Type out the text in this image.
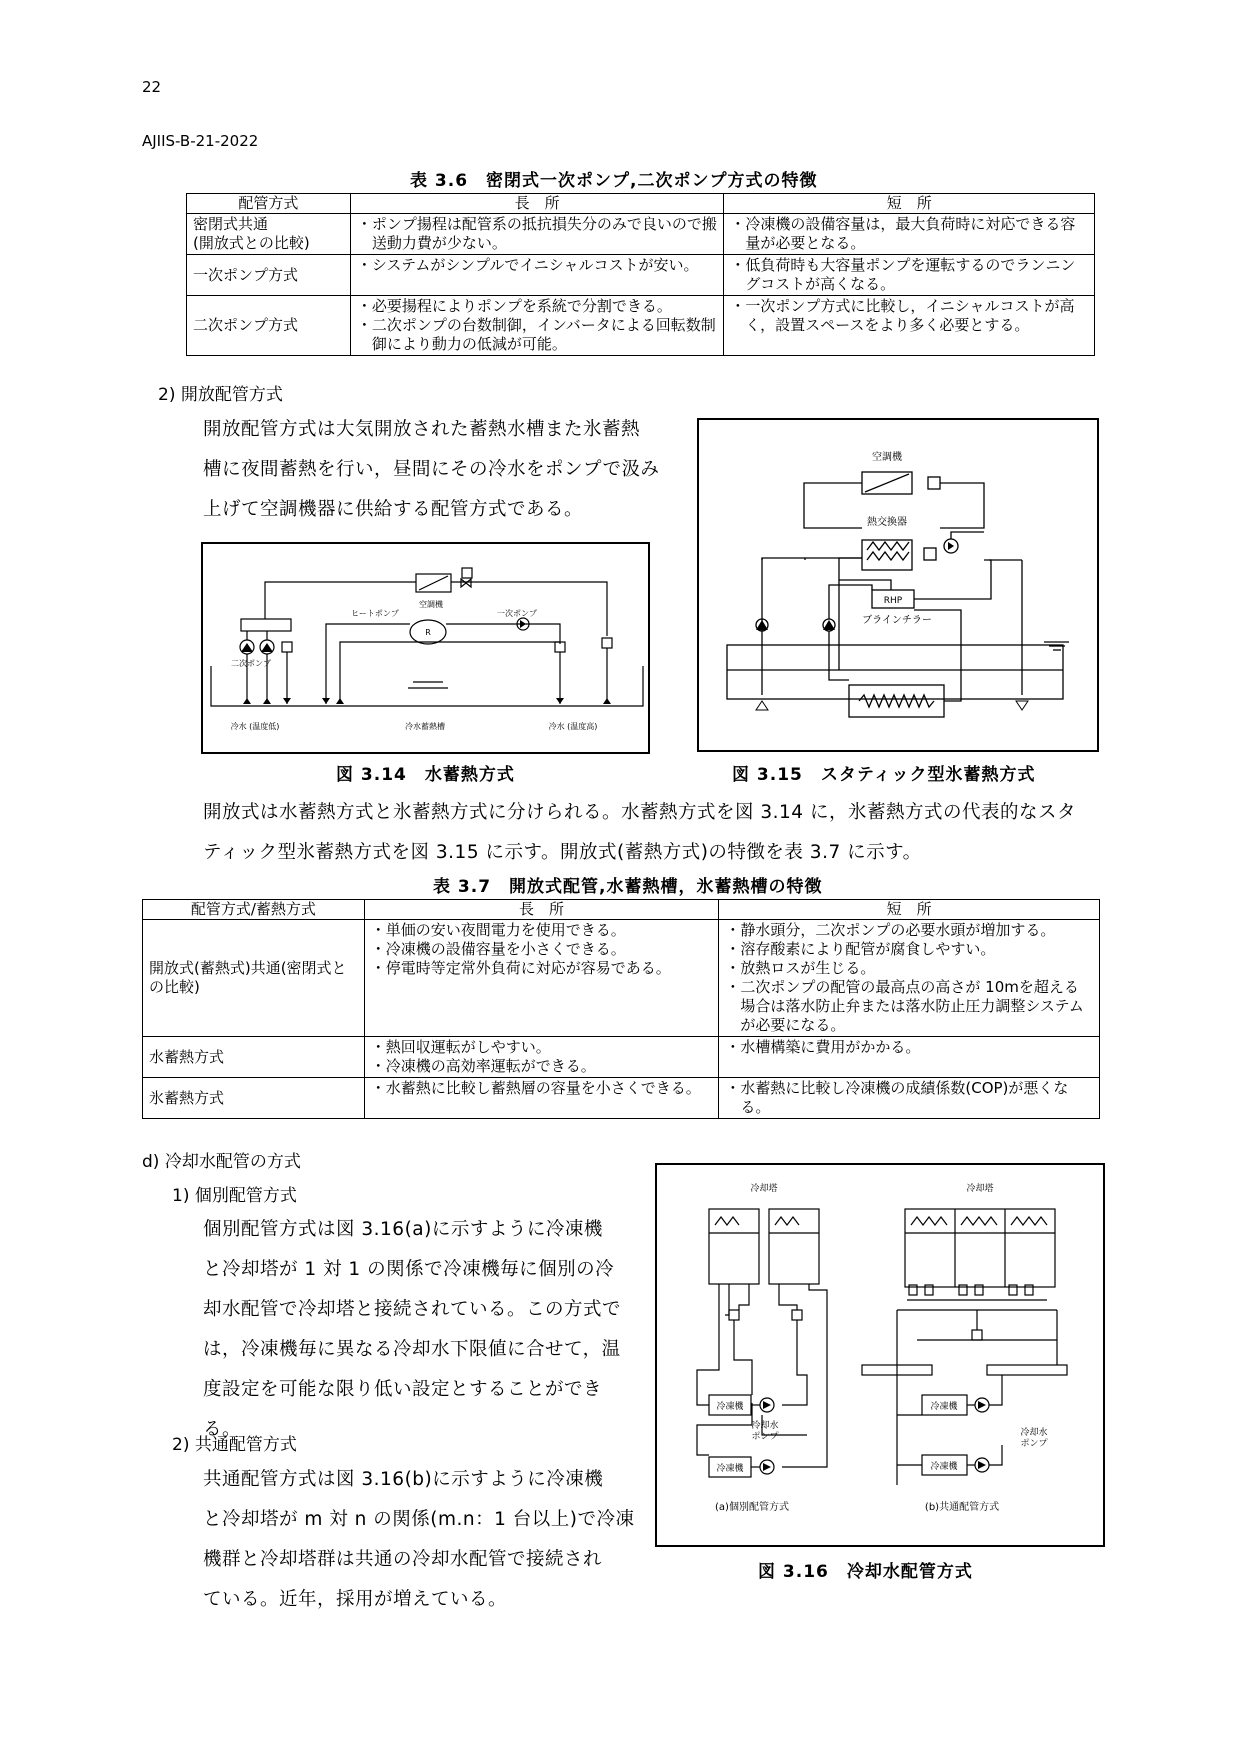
22
AJIIS-B-21-2022
表 3.6　密閉式一次ポンプ,二次ポンプ方式の特徴
配管方式	長　所	短　所
密閉式共通
(開放式との比較)	・ポンプ揚程は配管系の抵抗損失分のみで良いので搬送動力費が少ない。	・冷凍機の設備容量は，最大負荷時に対応できる容量が必要となる。

一次ポンプ方式	・システムがシンプルでイニシャルコストが安い。	・低負荷時も大容量ポンプを運転するのでランニングコストが高くなる。

二次ポンプ方式	・必要揚程によりポンプを系統で分割できる。
・二次ポンプの台数制御，インバータによる回転数制御により動力の低減が可能。	・一次ポンプ方式に比較し，イニシャルコストが高く，設置スペースをより多く必要とする。
2) 開放配管方式
開放配管方式は大気開放された蓄熱水槽また氷蓄熱
槽に夜間蓄熱を行い，昼間にその冷水をポンプで汲み
上げて空調機器に供給する配管方式である。
空調機
ヒートポンプ	一次ポンプ
二次ポンプ
R
冷水 (温度低)	冷水蓄熱槽	冷水 (温度高)
図 3.14　水蓄熱方式
空調機
熱交換器
RHP
ブラインチラー
図 3.15　スタティック型氷蓄熱方式
開放式は水蓄熱方式と氷蓄熱方式に分けられる。水蓄熱方式を図 3.14 に，氷蓄熱方式の代表的なスタ
ティック型氷蓄熱方式を図 3.15 に示す。開放式(蓄熱方式)の特徴を表 3.7 に示す。
表 3.7　開放式配管,水蓄熱槽，氷蓄熱槽の特徴
配管方式/蓄熱方式	長　所	短　所
開放式(蓄熱式)共通(密閉式との比較)	・単価の安い夜間電力を使用できる。
・冷凍機の設備容量を小さくできる。
・停電時等定常外負荷に対応が容易である。	・静水頭分，二次ポンプの必要水頭が増加する。
・溶存酸素により配管が腐食しやすい。
・放熱ロスが生じる。
・二次ポンプの配管の最高点の高さが 10mを超える場合は落水防止弁または落水防止圧力調整システムが必要になる。

水蓄熱方式	・熱回収運転がしやすい。
・冷凍機の高効率運転ができる。	・水槽構築に費用がかかる。

氷蓄熱方式	・水蓄熱に比較し蓄熱層の容量を小さくできる。	・水蓄熱に比較し冷凍機の成績係数(COP)が悪くなる。
d) 冷却水配管の方式
1) 個別配管方式
個別配管方式は図 3.16(a)に示すように冷凍機
と冷却塔が 1 対 1 の関係で冷凍機毎に個別の冷
却水配管で冷却塔と接続されている。この方式で
は，冷凍機毎に異なる冷却水下限値に合せて，温
度設定を可能な限り低い設定とすることができ
る。
2) 共通配管方式
共通配管方式は図 3.16(b)に示すように冷凍機
と冷却塔が m 対 n の関係(m.n：1 台以上)で冷凍
機群と冷却塔群は共通の冷却水配管で接続され
ている。近年，採用が増えている。
冷却塔	冷却塔
冷凍機
冷凍機
冷凍機
冷凍機
冷却水ポンプ	冷却水ポンプ
(a)個別配管方式	(b)共通配管方式
図 3.16　冷却水配管方式
